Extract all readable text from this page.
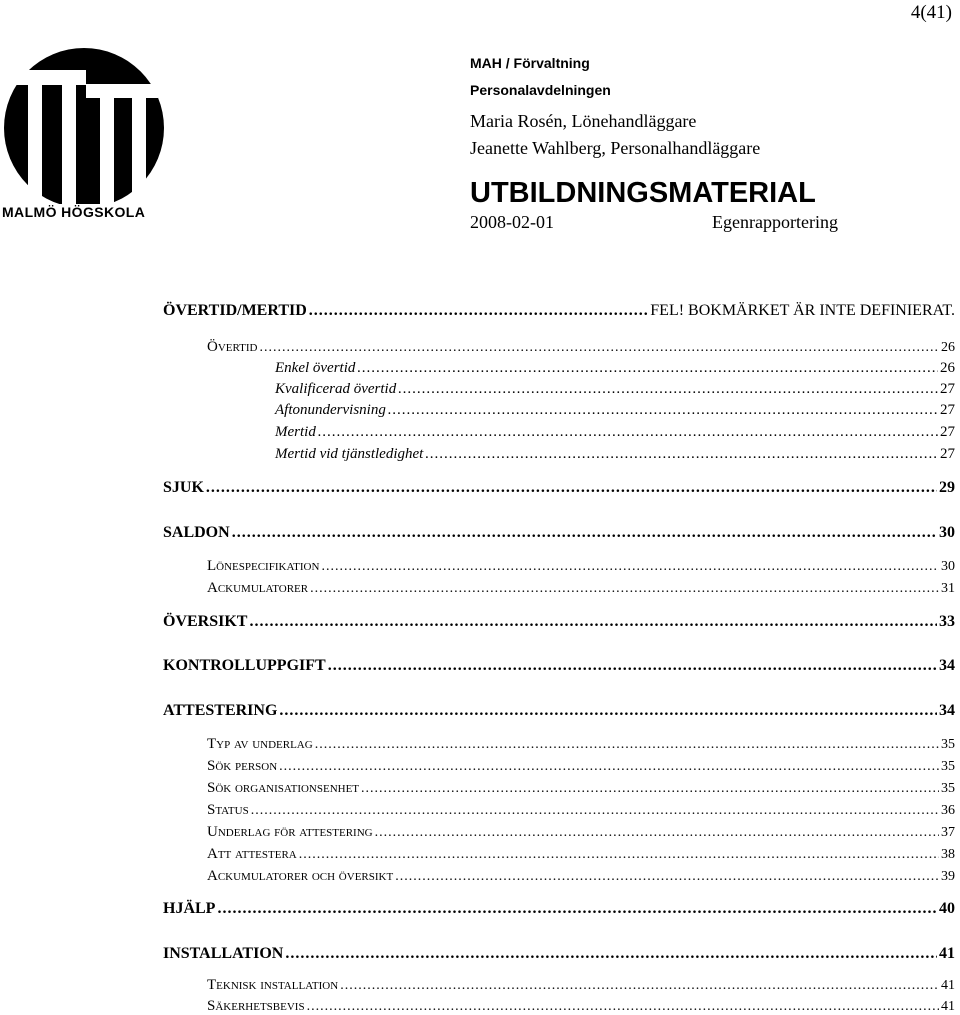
4(41)
MALMÖ HÖGSKOLA
MAH / Förvaltning
Personalavdelningen
Maria Rosén, Lönehandläggare
Jeanette Wahlberg, Personalhandläggare
UTBILDNINGSMATERIAL
2008-02-01	Egenrapportering
ÖVERTID/MERTID .....	FEL! BOKMÄRKET ÄR INTE DEFINIERAT.
Övertid .....	26
Enkel övertid .....	26
Kvalificerad övertid .....	27
Aftonundervisning .....	27
Mertid .....	27
Mertid vid tjänstledighet .....	27
SJUK .....	29
SALDON .....	30
Lönespecifikation .....	30
Ackumulatorer .....	31
ÖVERSIKT .....	33
KONTROLLUPPGIFT .....	34
ATTESTERING .....	34
Typ av underlag .....	35
Sök person .....	35
Sök organisationsenhet .....	35
Status .....	36
Underlag för attestering .....	37
Att attestera .....	38
Ackumulatorer och översikt .....	39
HJÄLP .....	40
INSTALLATION .....	41
Teknisk installation .....	41
Säkerhetsbevis .....	41
